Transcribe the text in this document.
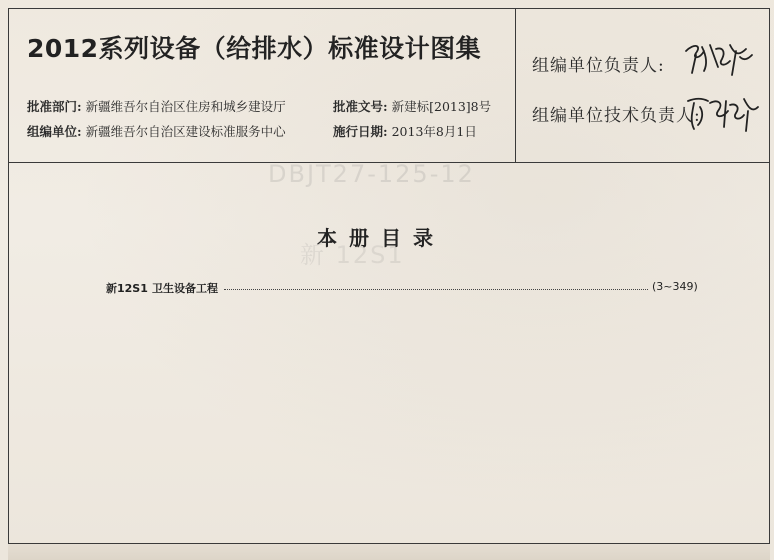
DBJT27-125-12
新 12S1
2012系列设备（给排水）标准设计图集
批准部门: 新疆维吾尔自治区住房和城乡建设厅	批准文号: 新建标[2013]8号
组编单位: 新疆维吾尔自治区建设标准服务中心	施行日期: 2013年8月1日
组编单位负责人:
组编单位技术负责人:
本册目录
新12S1 卫生设备工程	(3~349)
